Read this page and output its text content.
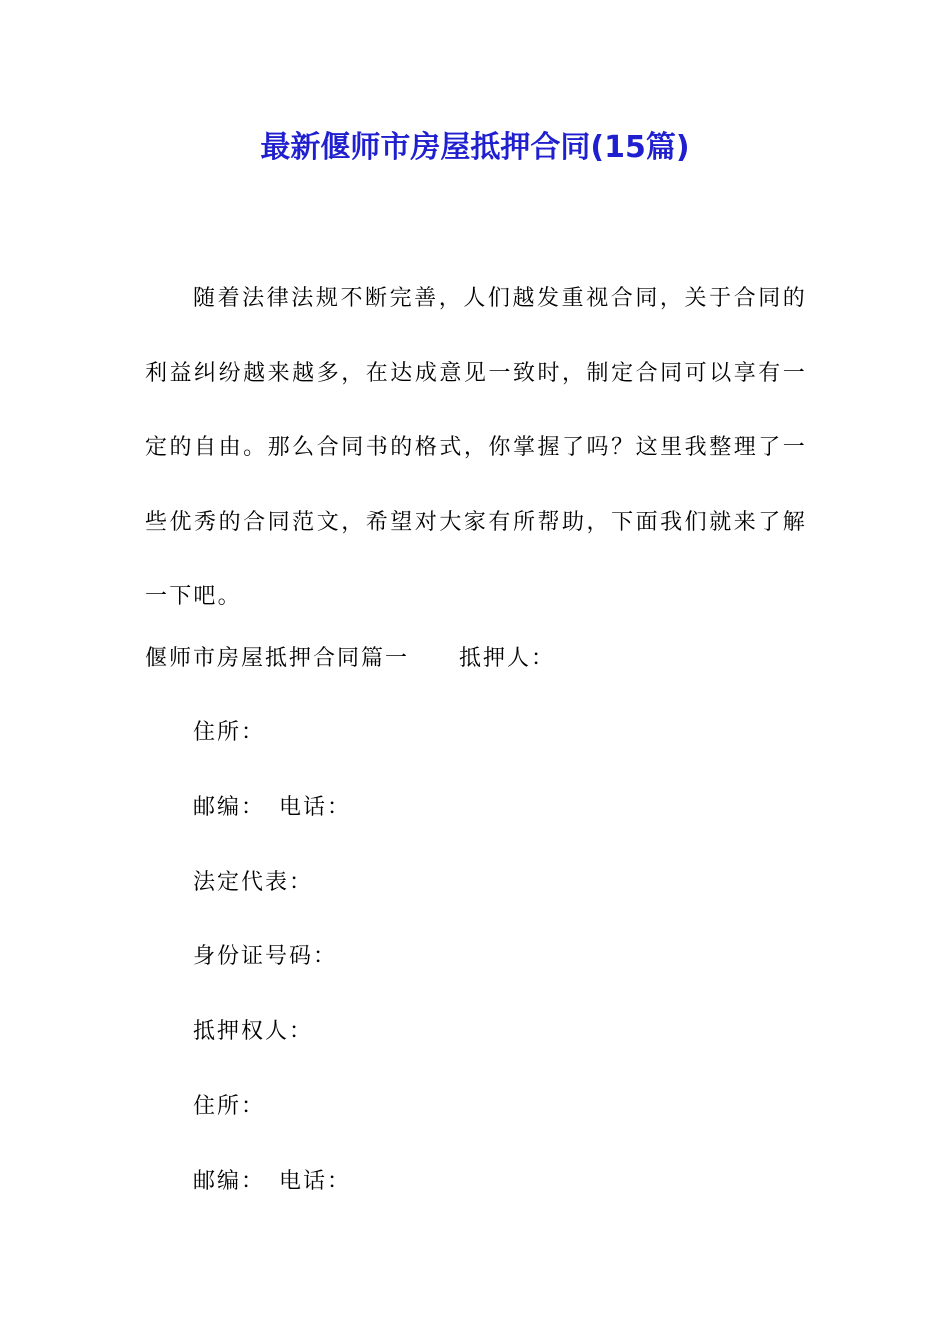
最新偃师市房屋抵押合同(15篇)

随着法律法规不断完善，人们越发重视合同，关于合同的利益纠纷越来越多，在达成意见一致时，制定合同可以享有一定的自由。那么合同书的格式，你掌握了吗？这里我整理了一些优秀的合同范文，希望对大家有所帮助，下面我们就来了解一下吧。

偃师市房屋抵押合同篇一 抵押人：
住所：
邮编： 电话：
法定代表：
身份证号码：
抵押权人：
住所：
邮编： 电话：
